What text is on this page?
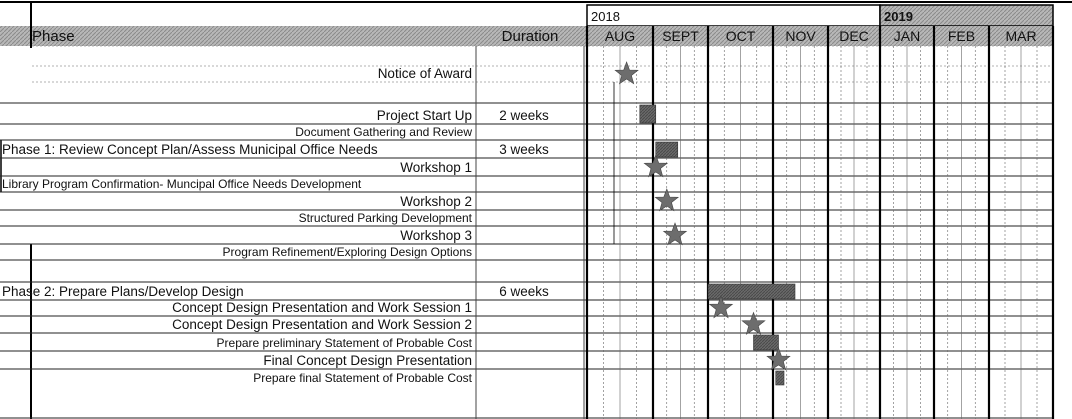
2018	2019
Phase	Duration	AUG SEPT OCT NOV DEC JAN FEB MAR
Notice of Award
Project Start Up 2 weeks
Document Gathering and Review
Phase 1: Review Concept Plan/Assess Municipal Office Needs	3 weeks
Workshop 1
Library Program Confirmation- Muncipal Office Needs Development
Workshop 2
Structured Parking Development
Workshop 3
Program Refinement/Exploring Design Options
Phase 2: Prepare Plans/Develop Design	6 weeks
Concept Design Presentation and Work Session 1
Concept Design Presentation and Work Session 2
Prepare preliminary Statement of Probable Cost
Final Concept Design Presentation
Prepare final Statement of Probable Cost
